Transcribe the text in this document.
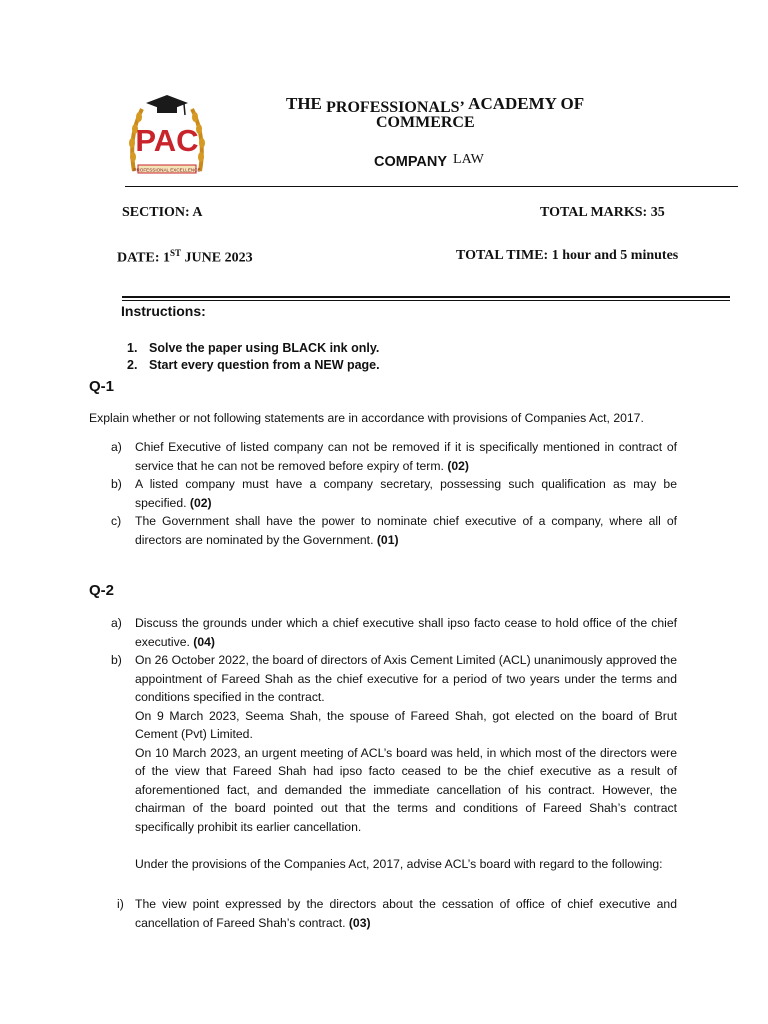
PAC
PROFESSIONAL EXCELLENCE
THE PROFESSIONALS’ ACADEMY OF
COMMERCE
COMPANY LAW
SECTION: A	TOTAL MARKS: 35
DATE: 1ST JUNE 2023	TOTAL TIME: 1 hour and 5 minutes
Instructions:
1. Solve the paper using BLACK ink only.
2. Start every question from a NEW page.
Q-1
Explain whether or not following statements are in accordance with provisions of Companies Act, 2017.
a) Chief Executive of listed company can not be removed if it is specifically mentioned in contract of service that he can not be removed before expiry of term. (02)
b) A listed company must have a company secretary, possessing such qualification as may be specified. (02)
c) The Government shall have the power to nominate chief executive of a company, where all of directors are nominated by the Government. (01)
Q-2
a) Discuss the grounds under which a chief executive shall ipso facto cease to hold office of the chief executive. (04)
b) On 26 October 2022, the board of directors of Axis Cement Limited (ACL) unanimously approved the appointment of Fareed Shah as the chief executive for a period of two years under the terms and conditions specified in the contract.

On 9 March 2023, Seema Shah, the spouse of Fareed Shah, got elected on the board of Brut Cement (Pvt) Limited.

On 10 March 2023, an urgent meeting of ACL’s board was held, in which most of the directors were of the view that Fareed Shah had ipso facto ceased to be the chief executive as a result of aforementioned fact, and demanded the immediate cancellation of his contract. However, the chairman of the board pointed out that the terms and conditions of Fareed Shah’s contract specifically prohibit its earlier cancellation.

Under the provisions of the Companies Act, 2017, advise ACL’s board with regard to the following:

i) The view point expressed by the directors about the cessation of office of chief executive and cancellation of Fareed Shah’s contract. (03)
